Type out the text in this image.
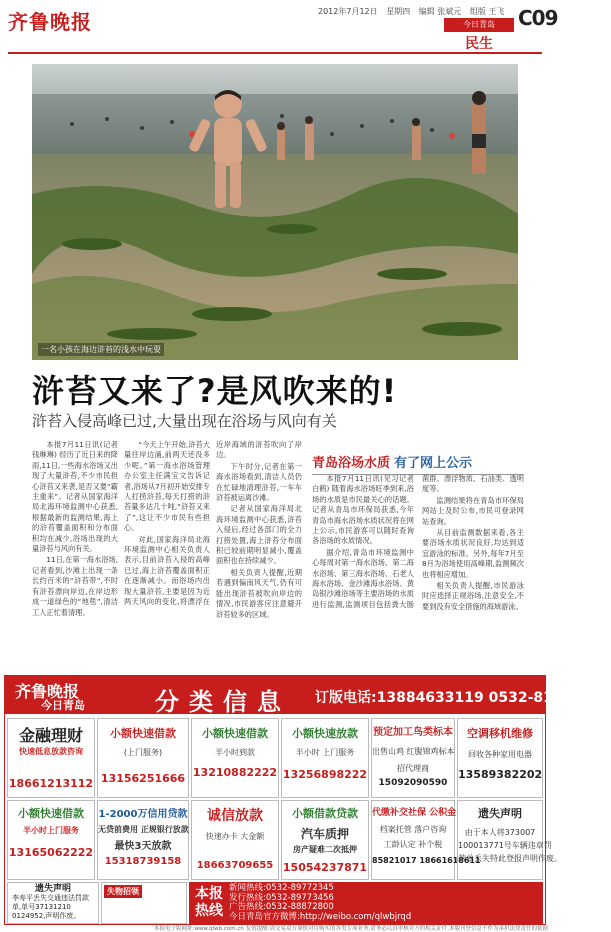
齐鲁晚报	2012年7月12日 星期四 编辑 张斌元 组版 王飞
今日青岛
民生
C09
一名小孩在海边浒苔的浅水中玩耍
浒苔又来了?是风吹来的!
浒苔入侵高峰已过,大量出现在浴场与风向有关

本报7月11日讯(记者 钱琳琳) 经历了近日来的降雨,11日,一些海水浴场又出现了大量浒苔,不少市民担心浒苔又来袭,是否又要“霸主重来”。记者从国家海洋局北海环境监测中心获悉,根据最新的监测结果,海上的浒苔覆盖面积和分布面积均在减少,浴场出现的大量浒苔与风向有关。

11日,在第一海水浴场,记者看到,沙滩上出现一条长约百米的“浒苔带”,不时有浒苔漂向岸边,在岸边形成一道绿色的“地毯”,清洁工人正忙着清理。

“今天上午开始,浒苔大量往岸边涌,前两天还没多少呢。”第一海水浴场管理办公室主任满宝文告诉记者,浴场从7月初开始安排专人打捞浒苔,每天打捞的浒苔量多达几十吨,“浒苔又来了”,这让不少市民有些担心。

对此,国家海洋局北海环境监测中心相关负责人表示,目前浒苔入侵的高峰已过,海上浒苔覆盖面积正在逐渐减小。而浴场内出现大量浒苔,主要是因为近两天风向的变化,将漂浮在近岸海域的浒苔吹向了岸边。

下午时分,记者在第一海水浴场看到,清洁人员仍在忙碌地清理浒苔,一车车浒苔被运离沙滩。

记者从国家海洋局北海环境监测中心获悉,浒苔入侵后,经过各部门的全力打捞处置,海上浒苔分布面积已较前期明显减小,覆盖面积也在持续减少。

相关负责人提醒,近期若遇到偏南风天气,仍有可能出现浒苔被吹向岸边的情况,市民游客应注意避开浒苔较多的区域。

青岛浴场水质 有了网上公示

本报7月11日讯(见习记者 白鹤) 随着海水浴场旺季到来,浴场的水质是市民最关心的话题。记者从青岛市环保局获悉,今年青岛市海水浴场水质状况将在网上公示,市民游客可以随时查询各浴场的水质情况。

据介绍,青岛市环境监测中心每周对第一海水浴场、第二海水浴场、第三海水浴场、石老人海水浴场、金沙滩海水浴场、黄岛银沙滩浴场等主要浴场的水质进行监测,监测项目包括粪大肠菌群、漂浮物质、石油类、透明度等。

监测结果将在青岛市环保局网站上及时公布,市民可登录网站查询。

从目前监测数据来看,各主要浴场水质状况良好,均达到适宜游泳的标准。另外,每年7月至8月为浴场使用高峰期,监测频次也将相应增加。

相关负责人提醒,市民游泳时应选择正规浴场,注意安全,不要到没有安全措施的海域游泳。

齐鲁晚报
今日青岛	分类信息 订版电话:13884633119 0532-81186679
金融理财
快速低息放款咨询
18661213112
小额快速借款
(上门服务)
13156251666
小额快速借款
半小时到款
13210882222
小额快速放款
半小时 上门服务
13256898222
预定加工鸟类标本
出售山鸡 红腹锦鸡标本
招代理商
15092090590
空调移机维修
回收各种家用电器
13589382202
小额快速借款
半小时上门服务
13165062222
1-2000万信用贷款
无贷前费用 正规银行放款
最快3天放款
15318739158
诚信放款
快速办卡 大金额
18663709655
小额借款贷款
汽车质押
房产疑难二次抵押
15054237871
代缴补交社保 公积金
档案托管 落户咨询
工龄认定 补个税
85821017 18661618611
遗失声明
由于本人将373007
100013771号车辆违章罚
款单丢失特此登报声明作废。
遗失声明
李寿平丢失交通违法罚款单,单号37131210 0124952,声明作废。
失物招领	本报热线
新闻热线:0532-89772345
发行热线:0532-89773456
广告热线:0532-88872800
今日青岛官方微博:http://weibo.com/qlwbjrqd
本报电子版网址:www.qlwb.com.cn 友情提醒:请交易双方谨慎对待购买的各类专项业务,请务必认真审核对方的相关证件,本版刊登信息不作为承担法律责任的依据
